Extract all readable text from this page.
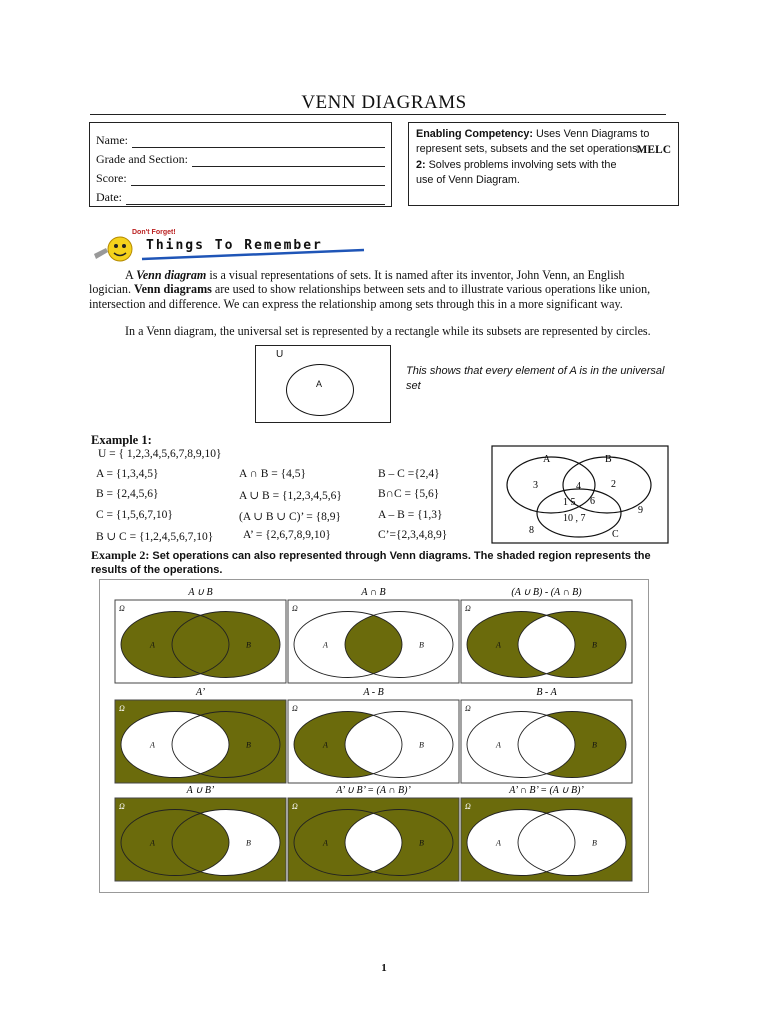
VENN DIAGRAMS
Name:
Grade and Section:
Score:
Date:
Enabling Competency: Uses Venn Diagrams to represent sets, subsets and the set operations.
MELC

2: Solves problems involving sets with the use of Venn Diagram.
Don't Forget!
Things To Remember
A Venn diagram is a visual representations of sets. It is named after its inventor, John Venn, an English logician. Venn diagrams are used to show relationships between sets and to illustrate various operations like union, intersection and difference. We can express the relationship among sets through this in a more significant way.
In a Venn diagram, the universal set is represented by a rectangle while its subsets are represented by circles.
U
A
This shows that every element of A is in the universal set
Example 1:
U = { 1,2,3,4,5,6,7,8,9,10}
A = {1,3,4,5}	A ∩ B = {4,5}	B – C ={2,4}
B = {2,4,5,6}	A ∪ B = {1,2,3,4,5,6}	B∩C = {5,6}
C = {1,5,6,7,10}	(A ∪ B ∪ C)’ = {8,9}	A – B = {1,3}
B ∪ C = {1,2,4,5,6,7,10}	A’ = {2,6,7,8,9,10}	C’={2,3,4,8,9}
A	B
C
3	4	2
1 5 6
10 , 7
8
9
Example 2: Set operations can also represented through Venn diagrams. The shaded region represents the results of the operations.
A ∪ B
Ω
A	B
A ∩ B
Ω
A	B
(A ∪ B) - (A ∩ B)
Ω
A	B
A’
Ω
A	B
A - B
Ω
A	B
B - A
Ω
A	B
A ∪ B’
Ω
A	B
A’ ∪ B’ = (A ∩ B)’
Ω
A	B
A’ ∩ B’ = (A ∪ B)’
Ω
A	B
1
